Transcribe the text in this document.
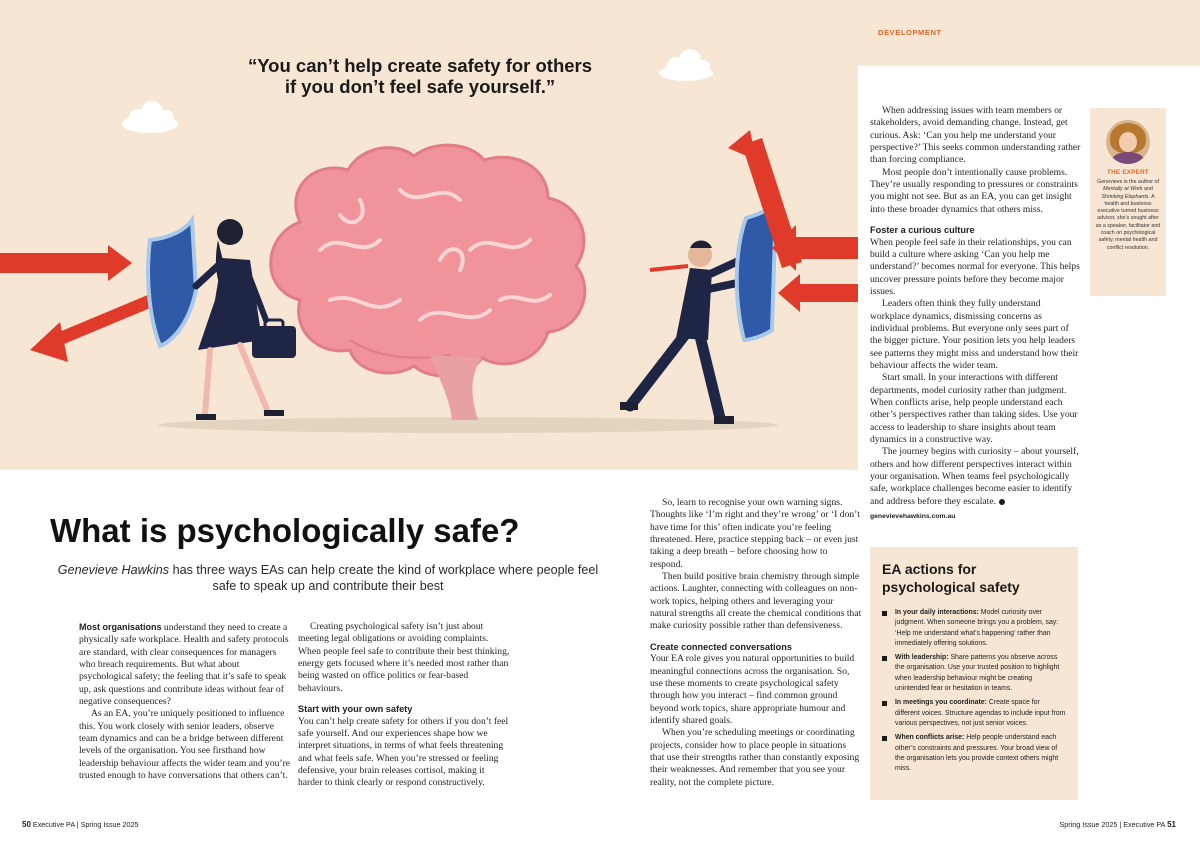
DEVELOPMENT
“You can’t help create safety for others if you don’t feel safe yourself.”
What is psychologically safe?
Genevieve Hawkins has three ways EAs can help create the kind of workplace where people feel safe to speak up and contribute their best

Most organisations understand they need to create a physically safe workplace. Health and safety protocols are standard, with clear consequences for managers who breach requirements. But what about psychological safety; the feeling that it’s safe to speak up, ask questions and contribute ideas without fear of negative consequences?

As an EA, you’re uniquely positioned to influence this. You work closely with senior leaders, observe team dynamics and can be a bridge between different levels of the organisation. You see firsthand how leadership behaviour affects the wider team and you’re trusted enough to have conversations that others can’t.

Creating psychological safety isn’t just about meeting legal obligations or avoiding complaints. When people feel safe to contribute their best thinking, energy gets focused where it’s needed most rather than being wasted on office politics or fear-based behaviours.

Start with your own safety

You can’t help create safety for others if you don’t feel safe yourself. And our experiences shape how we interpret situations, in terms of what feels threatening and what feels safe. When you’re stressed or feeling defensive, your brain releases cortisol, making it harder to think clearly or respond constructively.

So, learn to recognise your own warning signs. Thoughts like ‘I’m right and they’re wrong’ or ‘I don’t have time for this’ often indicate you’re feeling threatened. Here, practice stepping back – or even just taking a deep breath – before choosing how to respond.

Then build positive brain chemistry through simple actions. Laughter, connecting with colleagues on non-work topics, helping others and leveraging your natural strengths all create the chemical conditions that make curiosity possible rather than defensiveness.

Create connected conversations

Your EA role gives you natural opportunities to build meaningful connections across the organisation. So, use these moments to create psychological safety through how you interact – find common ground beyond work topics, share appropriate humour and identify shared goals.

When you’re scheduling meetings or coordinating projects, consider how to place people in situations that use their strengths rather than constantly exposing their weaknesses. And remember that you see your reality, not the complete picture.

When addressing issues with team members or stakeholders, avoid demanding change. Instead, get curious. Ask: ‘Can you help me understand your perspective?’ This seeks common understanding rather than forcing compliance.

Most people don’t intentionally cause problems. They’re usually responding to pressures or constraints you might not see. But as an EA, you can get insight into these broader dynamics that others miss.

Foster a curious culture

When people feel safe in their relationships, you can build a culture where asking ‘Can you help me understand?’ becomes normal for everyone. This helps uncover pressure points before they become major issues.

Leaders often think they fully understand workplace dynamics, dismissing concerns as individual problems. But everyone only sees part of the bigger picture. Your position lets you help leaders see patterns they might miss and understand how their behaviour affects the wider team.

Start small. In your interactions with different departments, model curiosity rather than judgment. When conflicts arise, help people understand each other’s perspectives rather than taking sides. Use your access to leadership to share insights about team dynamics in a constructive way.

The journey begins with curiosity – about yourself, others and how different perspectives interact within your organisation. When teams feel psychologically safe, workplace challenges become easier to identify and address before they escalate.

genevievehawkins.com.au
THE EXPERT
Genevieve is the author of Mentally at Work and Shrinking Elephants. A health and business executive turned business advisor, she’s sought after as a speaker, facilitator and coach on psychological safety, mental health and conflict resolution.
EA actions for psychological safety
In your daily interactions: Model curiosity over judgment. When someone brings you a problem, say: ‘Help me understand what’s happening’ rather than immediately offering solutions.
With leadership: Share patterns you observe across the organisation. Use your trusted position to highlight when leadership behaviour might be creating unintended fear or hesitation in teams.
In meetings you coordinate: Create space for different voices. Structure agendas to include input from various perspectives, not just senior voices.
When conflicts arise: Help people understand each other’s constraints and pressures. Your broad view of the organisation lets you provide context others might miss.
50 Executive PA | Spring Issue 2025	Spring Issue 2025 | Executive PA 51
